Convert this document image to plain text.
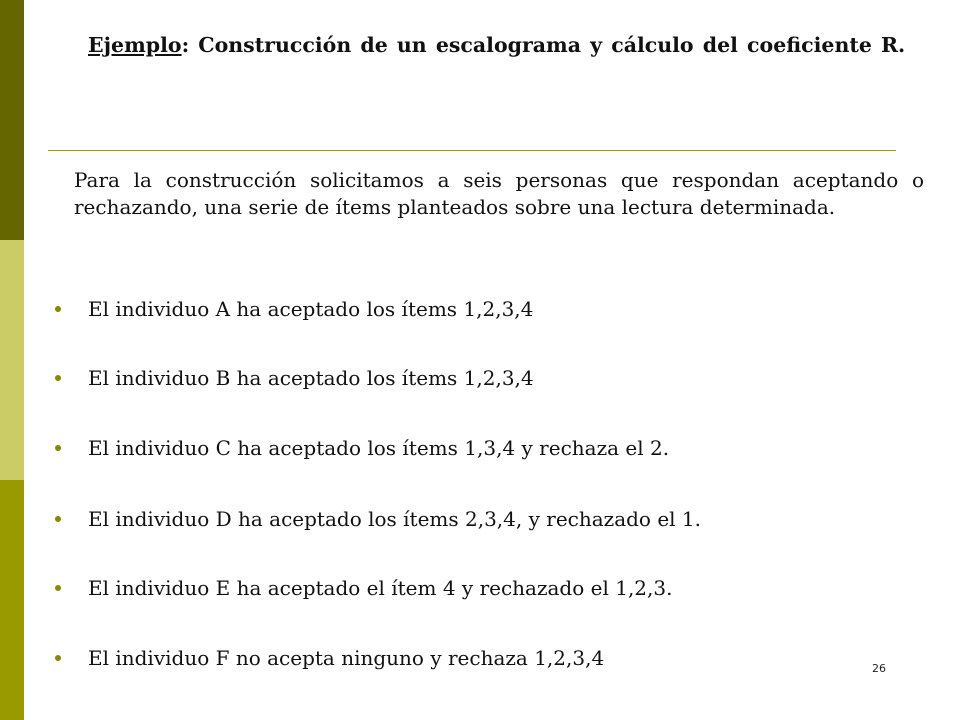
Ejemplo: Construcción de un escalograma y cálculo del coeficiente R.
Para la construcción solicitamos a seis personas que respondan aceptando o rechazando, una serie de ítems planteados sobre una lectura determinada.
El individuo A ha aceptado los ítems 1,2,3,4
El individuo B ha aceptado los ítems 1,2,3,4
El individuo C ha aceptado los ítems 1,3,4 y rechaza el 2.
El individuo D ha aceptado los ítems 2,3,4, y rechazado el 1.
El individuo E ha aceptado el ítem 4 y rechazado el 1,2,3.
El individuo F no acepta ninguno y rechaza 1,2,3,4	26
